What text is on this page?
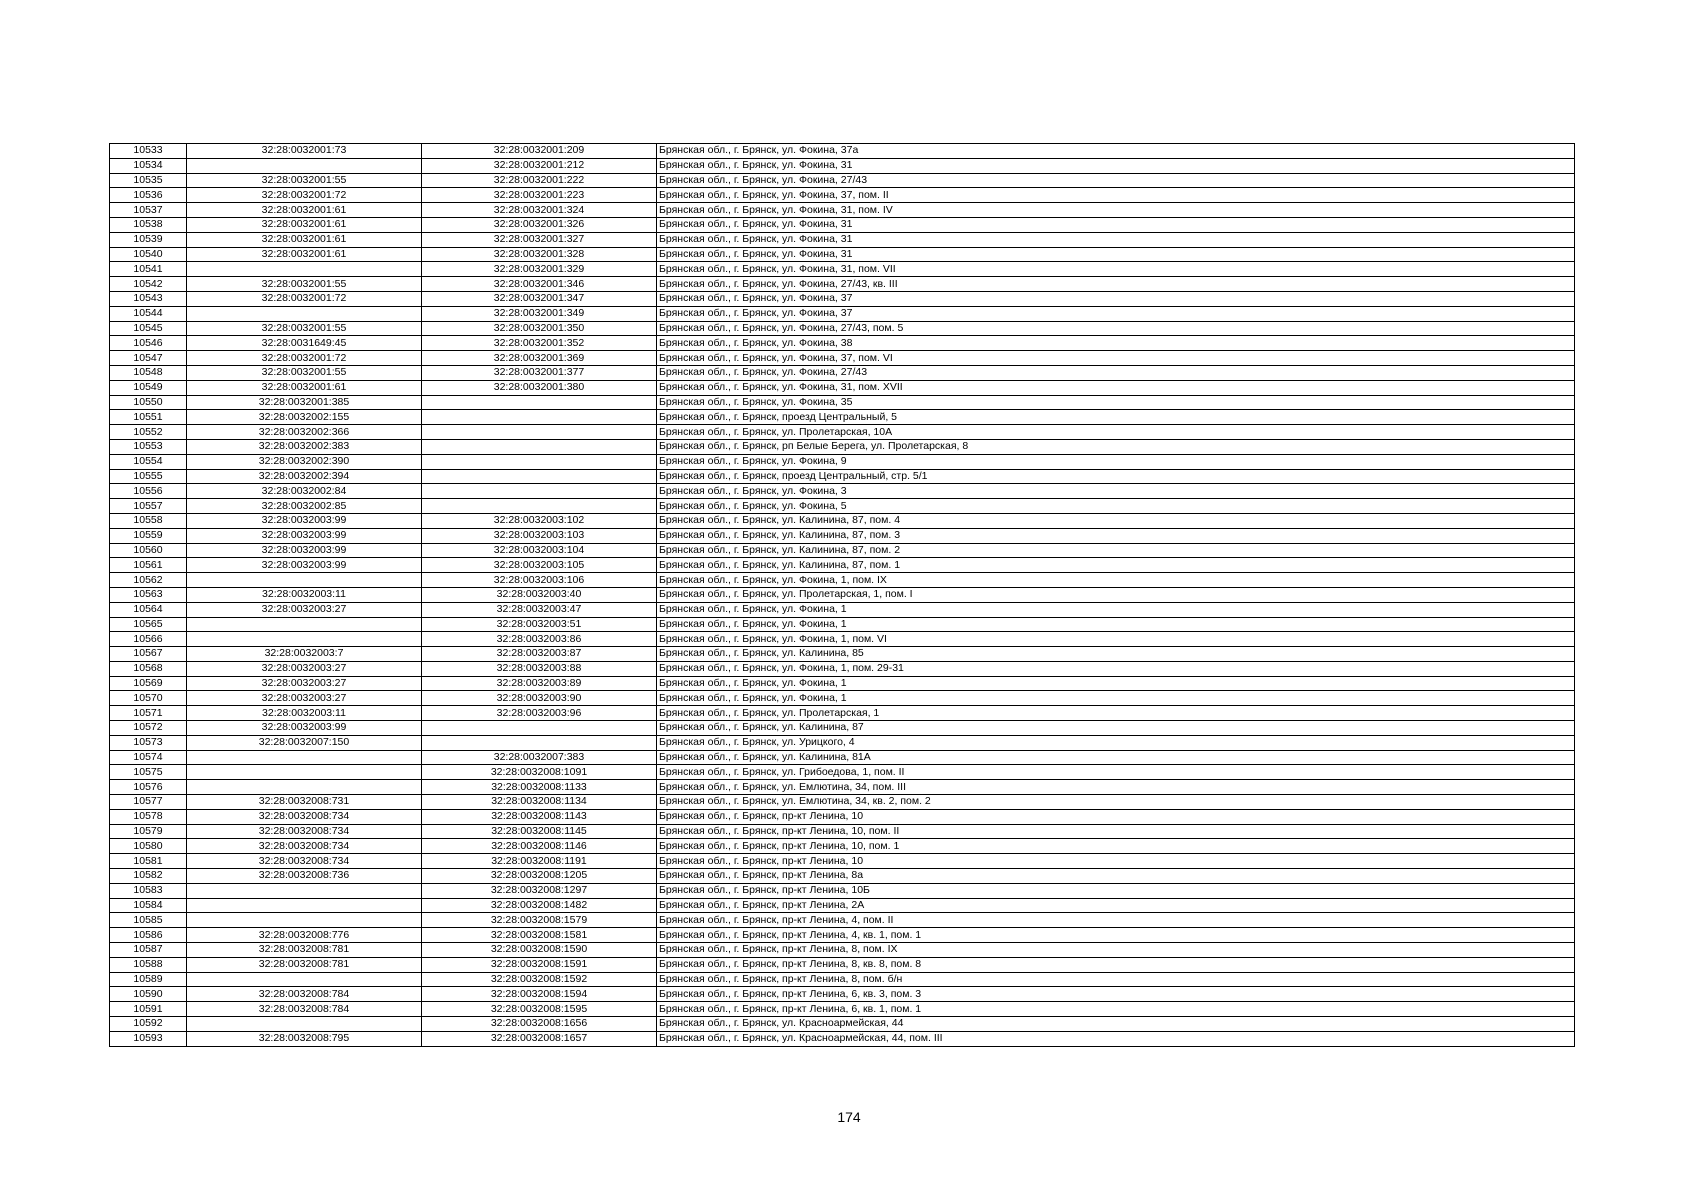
10533	32:28:0032001:73	32:28:0032001:209	Брянская обл., г. Брянск, ул. Фокина, 37а
10534		32:28:0032001:212	Брянская обл., г. Брянск, ул. Фокина, 31
10535	32:28:0032001:55	32:28:0032001:222	Брянская обл., г. Брянск, ул. Фокина, 27/43
10536	32:28:0032001:72	32:28:0032001:223	Брянская обл., г. Брянск, ул. Фокина, 37, пом. II
10537	32:28:0032001:61	32:28:0032001:324	Брянская обл., г. Брянск, ул. Фокина, 31, пом. IV
10538	32:28:0032001:61	32:28:0032001:326	Брянская обл., г. Брянск, ул. Фокина, 31
10539	32:28:0032001:61	32:28:0032001:327	Брянская обл., г. Брянск, ул. Фокина, 31
10540	32:28:0032001:61	32:28:0032001:328	Брянская обл., г. Брянск, ул. Фокина, 31
10541		32:28:0032001:329	Брянская обл., г. Брянск, ул. Фокина, 31, пом. VII
10542	32:28:0032001:55	32:28:0032001:346	Брянская обл., г. Брянск, ул. Фокина, 27/43, кв. III
10543	32:28:0032001:72	32:28:0032001:347	Брянская обл., г. Брянск, ул. Фокина, 37
10544		32:28:0032001:349	Брянская обл., г. Брянск, ул. Фокина, 37
10545	32:28:0032001:55	32:28:0032001:350	Брянская обл., г. Брянск, ул. Фокина, 27/43, пом. 5
10546	32:28:0031649:45	32:28:0032001:352	Брянская обл., г. Брянск, ул. Фокина, 38
10547	32:28:0032001:72	32:28:0032001:369	Брянская обл., г. Брянск, ул. Фокина, 37, пом. VI
10548	32:28:0032001:55	32:28:0032001:377	Брянская обл., г. Брянск, ул. Фокина, 27/43
10549	32:28:0032001:61	32:28:0032001:380	Брянская обл., г. Брянск, ул. Фокина, 31, пом. XVII
10550	32:28:0032001:385		Брянская обл., г. Брянск, ул. Фокина, 35
10551	32:28:0032002:155		Брянская обл., г. Брянск, проезд Центральный, 5
10552	32:28:0032002:366		Брянская обл., г. Брянск, ул. Пролетарская, 10А
10553	32:28:0032002:383		Брянская обл., г. Брянск, рп Белые Берега, ул. Пролетарская, 8
10554	32:28:0032002:390		Брянская обл., г. Брянск, ул. Фокина, 9
10555	32:28:0032002:394		Брянская обл., г. Брянск, проезд Центральный, стр. 5/1
10556	32:28:0032002:84		Брянская обл., г. Брянск, ул. Фокина, 3
10557	32:28:0032002:85		Брянская обл., г. Брянск, ул. Фокина, 5
10558	32:28:0032003:99	32:28:0032003:102	Брянская обл., г. Брянск, ул. Калинина, 87, пом. 4
10559	32:28:0032003:99	32:28:0032003:103	Брянская обл., г. Брянск, ул. Калинина, 87, пом. 3
10560	32:28:0032003:99	32:28:0032003:104	Брянская обл., г. Брянск, ул. Калинина, 87, пом. 2
10561	32:28:0032003:99	32:28:0032003:105	Брянская обл., г. Брянск, ул. Калинина, 87, пом. 1
10562		32:28:0032003:106	Брянская обл., г. Брянск, ул. Фокина, 1, пом. IX
10563	32:28:0032003:11	32:28:0032003:40	Брянская обл., г. Брянск, ул. Пролетарская, 1, пом. I
10564	32:28:0032003:27	32:28:0032003:47	Брянская обл., г. Брянск, ул. Фокина, 1
10565		32:28:0032003:51	Брянская обл., г. Брянск, ул. Фокина, 1
10566		32:28:0032003:86	Брянская обл., г. Брянск, ул. Фокина, 1, пом. VI
10567	32:28:0032003:7	32:28:0032003:87	Брянская обл., г. Брянск, ул. Калинина, 85
10568	32:28:0032003:27	32:28:0032003:88	Брянская обл., г. Брянск, ул. Фокина, 1, пом. 29-31
10569	32:28:0032003:27	32:28:0032003:89	Брянская обл., г. Брянск, ул. Фокина, 1
10570	32:28:0032003:27	32:28:0032003:90	Брянская обл., г. Брянск, ул. Фокина, 1
10571	32:28:0032003:11	32:28:0032003:96	Брянская обл., г. Брянск, ул. Пролетарская, 1
10572	32:28:0032003:99		Брянская обл., г. Брянск, ул. Калинина, 87
10573	32:28:0032007:150		Брянская обл., г. Брянск, ул. Урицкого, 4
10574		32:28:0032007:383	Брянская обл., г. Брянск, ул. Калинина, 81А
10575		32:28:0032008:1091	Брянская обл., г. Брянск, ул. Грибоедова, 1, пом. II
10576		32:28:0032008:1133	Брянская обл., г. Брянск, ул. Емлютина, 34, пом. III
10577	32:28:0032008:731	32:28:0032008:1134	Брянская обл., г. Брянск, ул. Емлютина, 34, кв. 2, пом. 2
10578	32:28:0032008:734	32:28:0032008:1143	Брянская обл., г. Брянск, пр-кт Ленина, 10
10579	32:28:0032008:734	32:28:0032008:1145	Брянская обл., г. Брянск, пр-кт Ленина, 10, пом. II
10580	32:28:0032008:734	32:28:0032008:1146	Брянская обл., г. Брянск, пр-кт Ленина, 10, пом. 1
10581	32:28:0032008:734	32:28:0032008:1191	Брянская обл., г. Брянск, пр-кт Ленина, 10
10582	32:28:0032008:736	32:28:0032008:1205	Брянская обл., г. Брянск, пр-кт Ленина, 8а
10583		32:28:0032008:1297	Брянская обл., г. Брянск, пр-кт Ленина, 10Б
10584		32:28:0032008:1482	Брянская обл., г. Брянск, пр-кт Ленина, 2А
10585		32:28:0032008:1579	Брянская обл., г. Брянск, пр-кт Ленина, 4, пом. II
10586	32:28:0032008:776	32:28:0032008:1581	Брянская обл., г. Брянск, пр-кт Ленина, 4, кв. 1, пом. 1
10587	32:28:0032008:781	32:28:0032008:1590	Брянская обл., г. Брянск, пр-кт Ленина, 8, пом. IX
10588	32:28:0032008:781	32:28:0032008:1591	Брянская обл., г. Брянск, пр-кт Ленина, 8, кв. 8, пом. 8
10589		32:28:0032008:1592	Брянская обл., г. Брянск, пр-кт Ленина, 8, пом. б/н
10590	32:28:0032008:784	32:28:0032008:1594	Брянская обл., г. Брянск, пр-кт Ленина, 6, кв. 3, пом. 3
10591	32:28:0032008:784	32:28:0032008:1595	Брянская обл., г. Брянск, пр-кт Ленина, 6, кв. 1, пом. 1
10592		32:28:0032008:1656	Брянская обл., г. Брянск, ул. Красноармейская, 44
10593	32:28:0032008:795	32:28:0032008:1657	Брянская обл., г. Брянск, ул. Красноармейская, 44, пом. III
174
